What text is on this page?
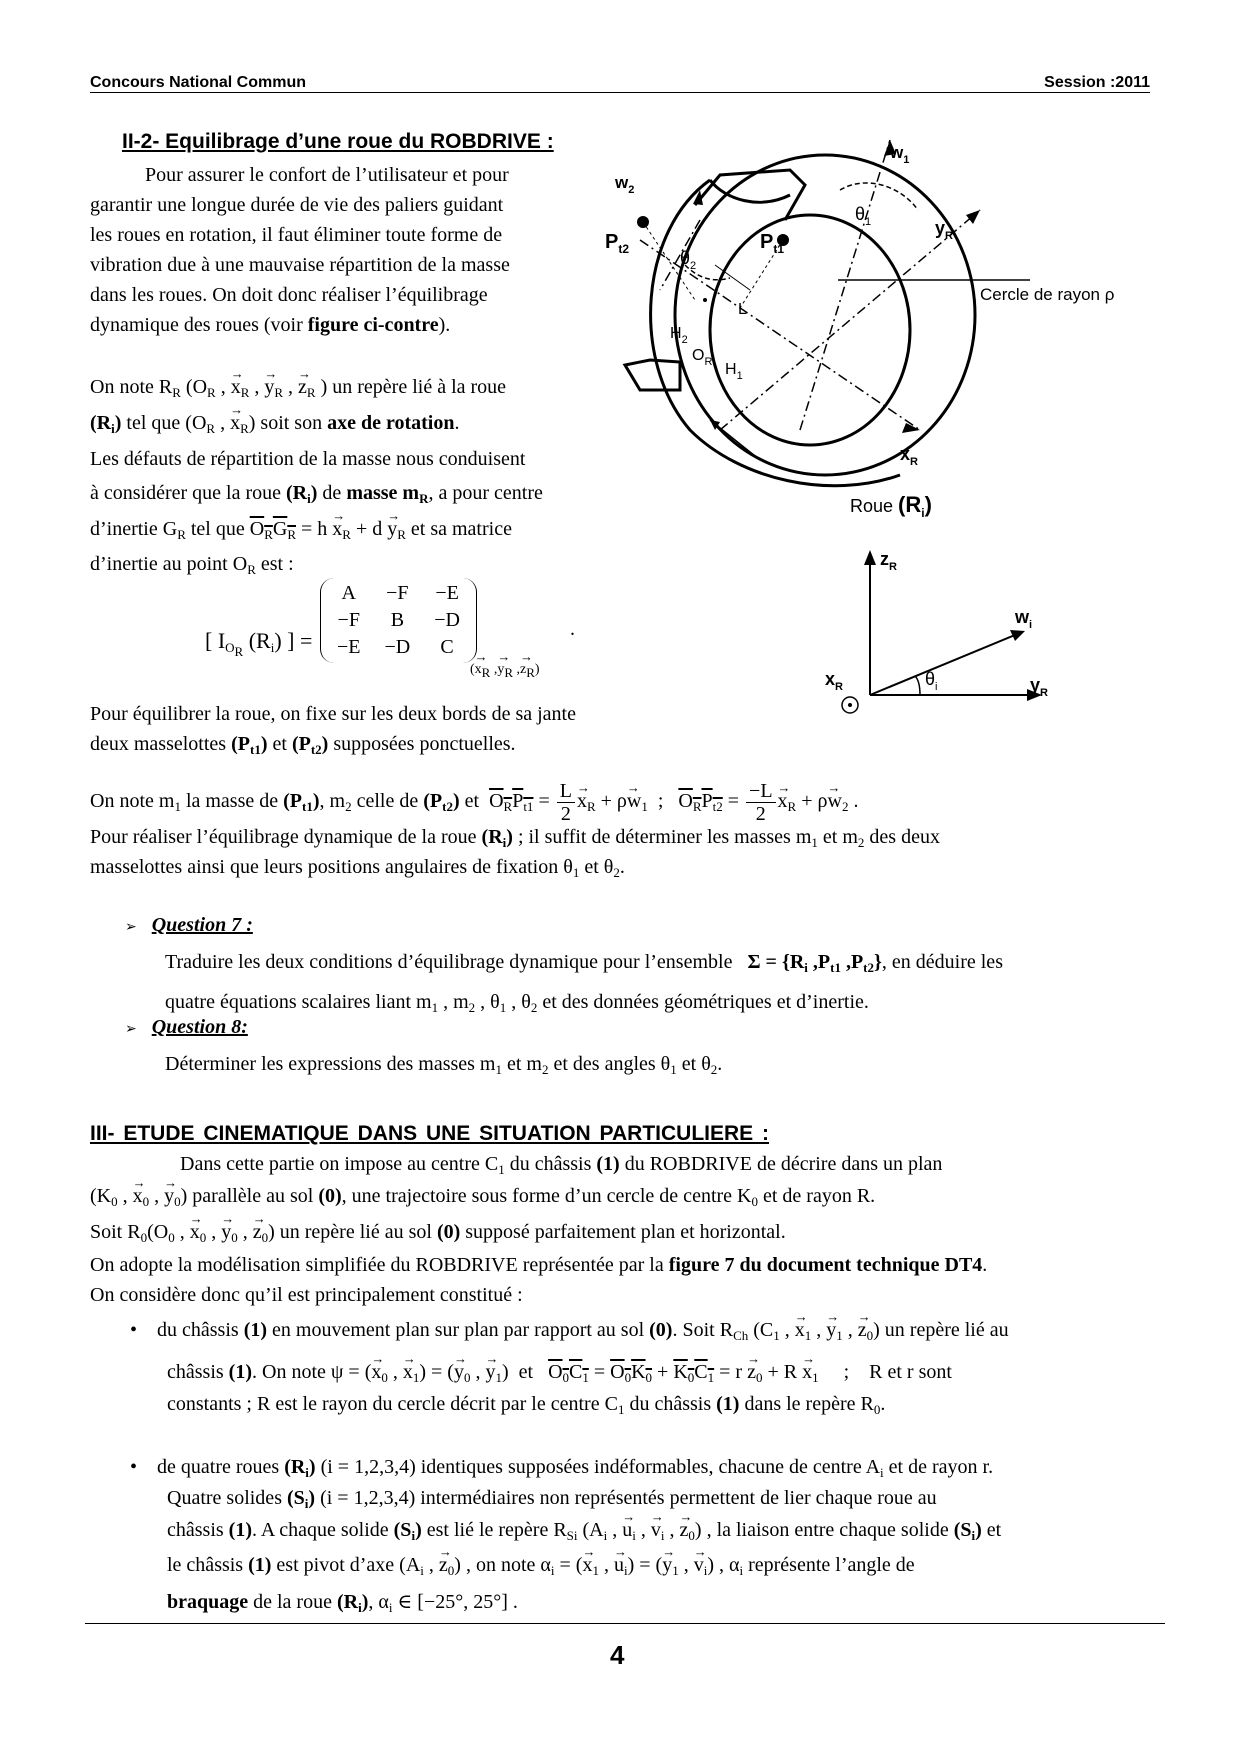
Concours National Commun	Session :2011
II-2- Equilibrage d’une roue du ROBDRIVE :
Pour assurer le confort de l’utilisateur et pour
garantir une longue durée de vie des paliers guidant
les roues en rotation, il faut éliminer toute forme de
vibration due à une mauvaise répartition de la masse
dans les roues. On doit donc réaliser l’équilibrage
dynamique des roues (voir figure ci-contre).
On note $R_R$ ($O_R$ , → $x_R$ , → $y_R$ , → $z_R$ ) un repère lié à la roue
$(R_i)$ tel que ($O_R$ , → $x_R$) soit son axe de rotation.
Les défauts de répartition de la masse nous conduisent
à considérer que la roue $(R_i)$ de masse $m_R$, a pour centre
d’inertie $G_R$ tel que $O_RG_R = h \to x_R + d \to y_R$ et sa matrice
d’inertie au point $O_R$ est :
[ $I_{O_R}$ $(R_i)$ ] =
A	−F	−E
−F	B	−D
−E	−D	C
(→ $x_R$ ,→ $y_R$ ,→ $z_R$)
.
Pour équilibrer la roue, on fixe sur les deux bords de sa jante
deux masselottes $(P_{t1})$ et $(P_{t2})$ supposées ponctuelles.
On note $m_1$ la masse de $(P_{t1})$, $m_2$ celle de $(P_{t2})$ et  $O_RP_{t1} = \frac{L}{2} \to x_R + \rho\to w_1$  ;   $O_RP_{t2} = \frac{-L}{2} \to x_R + \rho\to w_2$ .
Pour réaliser l’équilibrage dynamique de la roue $(R_i)$ ; il suffit de déterminer les masses $m_1$ et $m_2$ des deux
masselottes ainsi que leurs positions angulaires de fixation $\theta_1$ et $\theta_2$.
➢ Question 7 :
Traduire les deux conditions d’équilibrage dynamique pour l’ensemble $\Sigma = \{R_i$ $,P_{t1}$ $,P_{t2}$}, en déduire les
quatre équations scalaires liant $m_1$ , $m_2$ , $\theta_1$ , $\theta_2$ et des données géométriques et d’inertie.
➢ Question 8:
Déterminer les expressions des masses $m_1$ et $m_2$ et des angles $\theta_1$ et $\theta_2$.
III- ETUDE CINEMATIQUE DANS UNE SITUATION PARTICULIERE :
Dans cette partie on impose au centre $C_1$ du châssis (1) du ROBDRIVE de décrire dans un plan
($K_0$ , → $x_0$ , → $y_0$) parallèle au sol (0), une trajectoire sous forme d’un cercle de centre $K_0$ et de rayon R.
Soit $R_0(O_0$ , → $x_0$ , → $y_0$ , → $z_0$) un repère lié au sol (0) supposé parfaitement plan et horizontal.
On adopte la modélisation simplifiée du ROBDRIVE représentée par la figure 7 du document technique DT4.
On considère donc qu’il est principalement constitué :
•    du châssis (1) en mouvement plan sur plan par rapport au sol (0). Soit $R_{Ch}$ ($C_1$ , → $x_1$ , → $y_1$ , → $z_0$) un repère lié au
châssis (1). On note ψ = (→ $x_0$ , → $x_1$) = (→ $y_0$ , → $y_1$)  et   $O_0C_1 = O_0K_0 + K_0C_1 = r \to z_0 + R \to x_1$     ;    R et r sont
constants ; R est le rayon du cercle décrit par le centre $C_1$ du châssis (1) dans le repère $R_0$.
•    de quatre roues $(R_i) (i = 1,2,3,4)$ identiques supposées indéformables, chacune de centre $A_i$ et de rayon r.
Quatre solides $(S_i) (i = 1,2,3,4)$ intermédiaires non représentés permettent de lier chaque roue au
châssis (1). A chaque solide $(S_i)$ est lié le repère $R_{Si}$ ($A_i$ , → $u_i$ , → $v_i$ , → $z_0$) , la liaison entre chaque solide $(S_i)$ et
le châssis (1) est pivot d’axe ($A_i$ , → $z_0$) , on note $\alpha_i$ = (→ $x_1$ , → $u_i$) = (→ $y_1$ , → $v_i$) , $\alpha_i$ représente l’angle de
braquage de la roue $(R_i)$, $\alpha_i$ ∈ [−25°, 25°] .
4
$w_1$
$w_2$
$\theta_1$
$\theta_2$
$y_R$
$x_R$
$P_{t2}$	$P_{t1}$
L
$H_2$
$O_R$ $H_1$
Cercle de rayon ρ
Roue $(R_i)$
$z_R$
$w_i$
$x_R$	$y_R$
$\theta_i$
